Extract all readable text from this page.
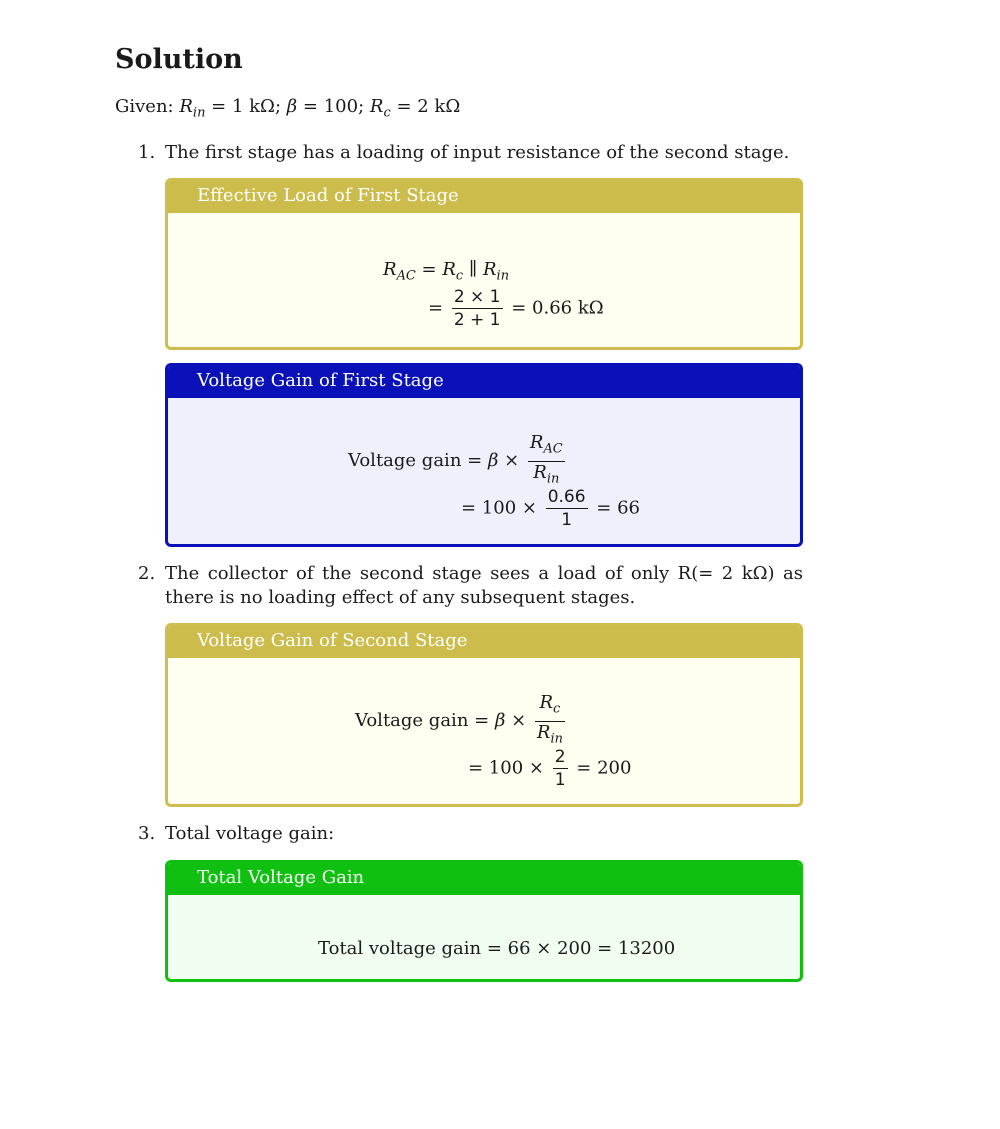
Solution
Given: $R_{in} = 1$ kΩ; β = 100; $R_c = 2$ kΩ
1. The first stage has a loading of input resistance of the second stage.
Effective Load of First Stage
$R_{AC} = R_c$ ∥ $R_{in}$
= $\frac{2 \times 1}{2 + 1} = 0.66$ kΩ
Voltage Gain of First Stage
Voltage gain = $\beta \times \frac{R_{AC}}{R_{in}}$
= $100 \times \frac{0.66}{1} = 66$
2. The collector of the second stage sees a load of only R(= 2 kΩ) as there is no loading effect of any subsequent stages.
Voltage Gain of Second Stage
Voltage gain = $\beta \times \frac{R_c}{R_{in}}$
= $100 \times \frac{2}{1} = 200$
3. Total voltage gain:
Total Voltage Gain
Total voltage gain = 66 × 200 = 13200
